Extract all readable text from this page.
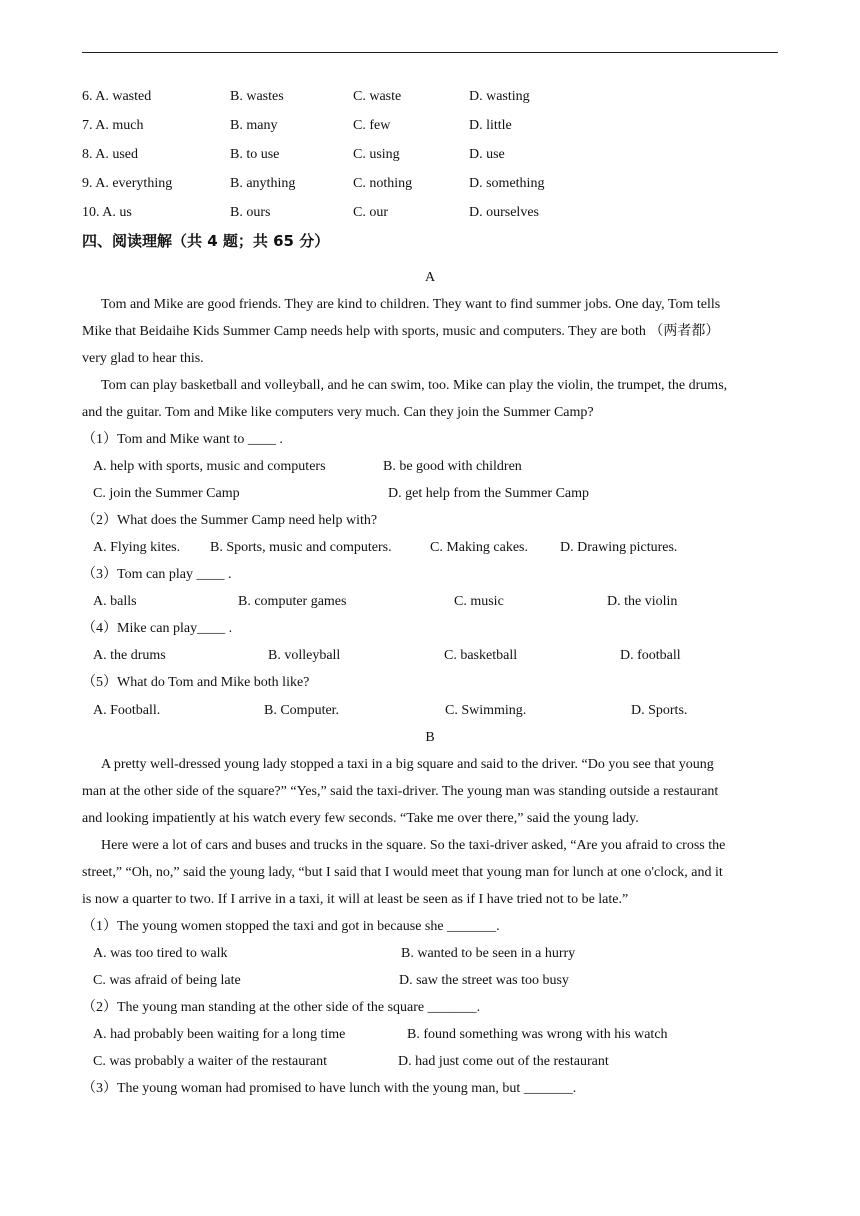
6. A. wasted	B. wastes	C. waste	D. wasting
7. A. much	B. many	C. few	D. little
8. A. used	B. to use	C. using	D. use
9. A. everything	B. anything	C. nothing	D. something
10. A. us	B. ours	C. our	D. ourselves
四、阅读理解（共 4 题；共 65 分）
A
Tom and Mike are good friends. They are kind to children. They want to find summer jobs. One day, Tom tells
Mike that Beidaihe Kids Summer Camp needs help with sports, music and computers. They are both （两者都）
very glad to hear this.
Tom can play basketball and volleyball, and he can swim, too. Mike can play the violin, the trumpet, the drums,
and the guitar. Tom and Mike like computers very much. Can they join the Summer Camp?
（1）Tom and Mike want to ____ .
A. help with sports, music and computers	B. be good with children
C. join the Summer Camp	D. get help from the Summer Camp
（2）What does the Summer Camp need help with?
A. Flying kites. B. Sports, music and computers.	C. Making cakes. D. Drawing pictures.
（3）Tom can play ____ .
A. balls	B. computer games	C. music	D. the violin
（4）Mike can play____ .
A. the drums	B. volleyball	C. basketball	D. football
（5）What do Tom and Mike both like?
A. Football.	B. Computer.	C. Swimming.	D. Sports.
B
A pretty well-dressed young lady stopped a taxi in a big square and said to the driver. “Do you see that young
man at the other side of the square?” “Yes,” said the taxi-driver. The young man was standing outside a restaurant
and looking impatiently at his watch every few seconds. “Take me over there,” said the young lady.
Here were a lot of cars and buses and trucks in the square. So the taxi-driver asked, “Are you afraid to cross the
street,” “Oh, no,” said the young lady, “but I said that I would meet that young man for lunch at one o'clock, and it
is now a quarter to two. If I arrive in a taxi, it will at least be seen as if I have tried not to be late.”
（1）The young women stopped the taxi and got in because she _______.
A. was too tired to walk	B. wanted to be seen in a hurry
C. was afraid of being late	D. saw the street was too busy
（2）The young man standing at the other side of the square _______.
A. had probably been waiting for a long time	B. found something was wrong with his watch
C. was probably a waiter of the restaurant	D. had just come out of the restaurant
（3）The young woman had promised to have lunch with the young man, but _______.
